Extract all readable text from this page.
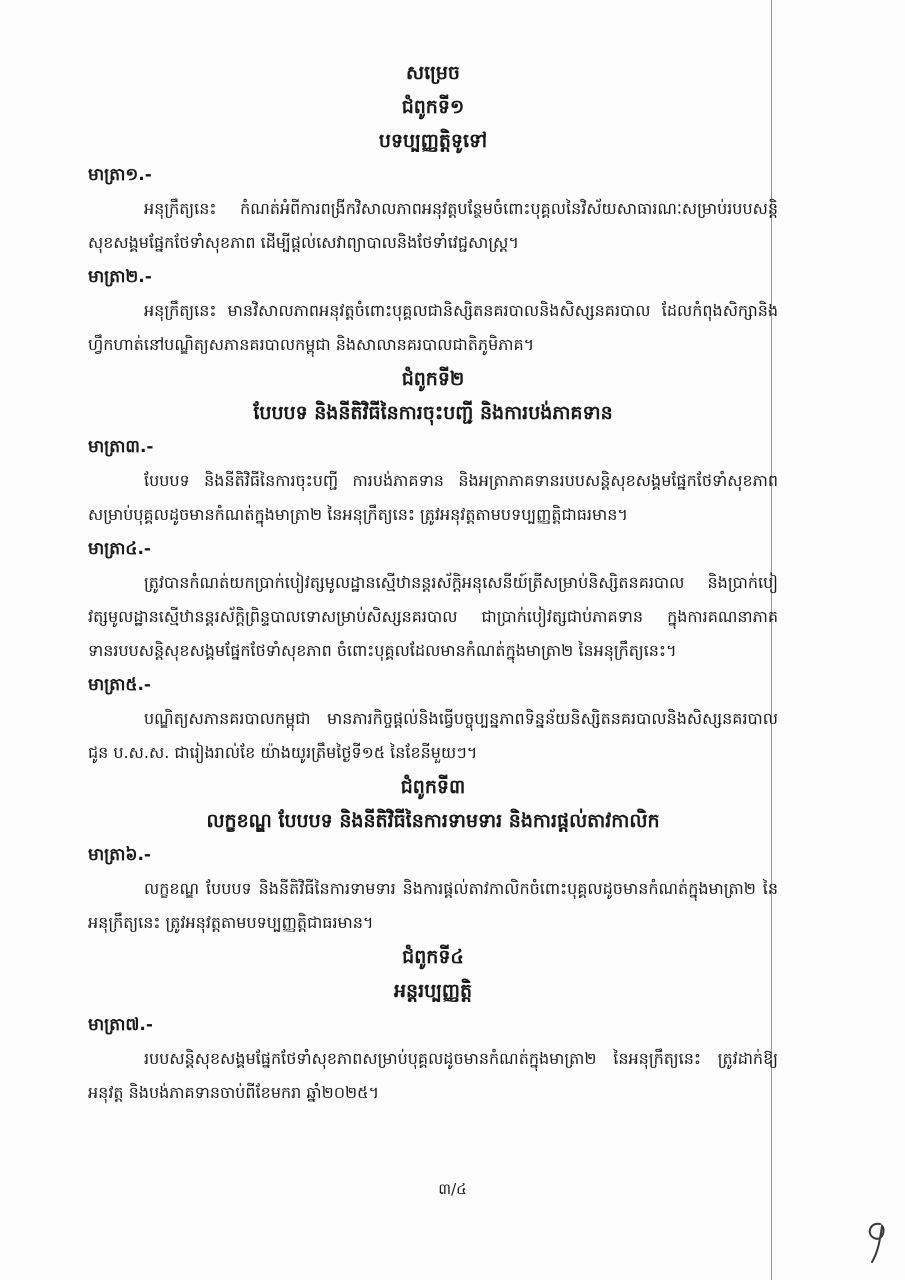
សម្រេច

ជំពូកទី១

បទប្បញ្ញត្តិទូទៅ

មាត្រា១.-

អនុក្រឹត្យនេះ កំណត់អំពីការពង្រីកវិសាលភាពអនុវត្តបន្ថែមចំពោះបុគ្គលនៃវិស័យសាធារណៈសម្រាប់របបសន្តិសុខសង្គមផ្នែកថែទាំសុខភាព ដើម្បីផ្តល់សេវាព្យាបាលនិងថែទាំវេជ្ជសាស្ត្រ។

មាត្រា២.-

អនុក្រឹត្យនេះ មានវិសាលភាពអនុវត្តចំពោះបុគ្គលជានិស្សិតនគរបាលនិងសិស្សនគរបាល ដែលកំពុងសិក្សានិងហ្វឹកហាត់នៅបណ្ឌិត្យសភានគរបាលកម្ពុជា និងសាលានគរបាលជាតិភូមិភាគ។

ជំពូកទី២

បែបបទ និងនីតិវិធីនៃការចុះបញ្ជី និងការបង់ភាគទាន

មាត្រា៣.-

បែបបទ និងនីតិវិធីនៃការចុះបញ្ជី ការបង់ភាគទាន និងអត្រាភាគទានរបបសន្តិសុខសង្គមផ្នែកថែទាំសុខភាពសម្រាប់បុគ្គលដូចមានកំណត់ក្នុងមាត្រា២ នៃអនុក្រឹត្យនេះ ត្រូវអនុវត្តតាមបទប្បញ្ញត្តិជាធរមាន។

មាត្រា៤.-

ត្រូវបានកំណត់យកប្រាក់បៀវត្សមូលដ្ឋានស្មើឋានន្តរស័ក្តិអនុសេនីយ៍ត្រីសម្រាប់និស្សិតនគរបាល និងប្រាក់បៀវត្សមូលដ្ឋានស្មើឋានន្តរស័ក្តិព្រិន្ទបាលទោសម្រាប់សិស្សនគរបាល ជាប្រាក់បៀវត្សជាប់ភាគទាន ក្នុងការគណនាភាគទានរបបសន្តិសុខសង្គមផ្នែកថែទាំសុខភាព ចំពោះបុគ្គលដែលមានកំណត់ក្នុងមាត្រា២ នៃអនុក្រឹត្យនេះ។

មាត្រា៥.-

បណ្ឌិត្យសភានគរបាលកម្ពុជា មានភារកិច្ចផ្តល់និងធ្វើបច្ចុប្បន្នភាពទិន្នន័យនិស្សិតនគរបាលនិងសិស្សនគរបាល ជូន ប.ស.ស. ជារៀងរាល់ខែ យ៉ាងយូរត្រឹមថ្ងៃទី១៥ នៃខែនីមួយៗ។

ជំពូកទី៣

លក្ខខណ្ឌ បែបបទ និងនីតិវិធីនៃការទាមទារ និងការផ្តល់តាវកាលិក

មាត្រា៦.-

លក្ខខណ្ឌ បែបបទ និងនីតិវិធីនៃការទាមទារ និងការផ្តល់តាវកាលិកចំពោះបុគ្គលដូចមានកំណត់ក្នុងមាត្រា២ នៃអនុក្រឹត្យនេះ ត្រូវអនុវត្តតាមបទប្បញ្ញត្តិជាធរមាន។

ជំពូកទី៤

អន្តរប្បញ្ញត្តិ

មាត្រា៧.-

របបសន្តិសុខសង្គមផ្នែកថែទាំសុខភាពសម្រាប់បុគ្គលដូចមានកំណត់ក្នុងមាត្រា២ នៃអនុក្រឹត្យនេះ ត្រូវដាក់ឱ្យអនុវត្ត និងបង់ភាគទានចាប់ពីខែមករា ឆ្នាំ២០២៥។

៣/៤
